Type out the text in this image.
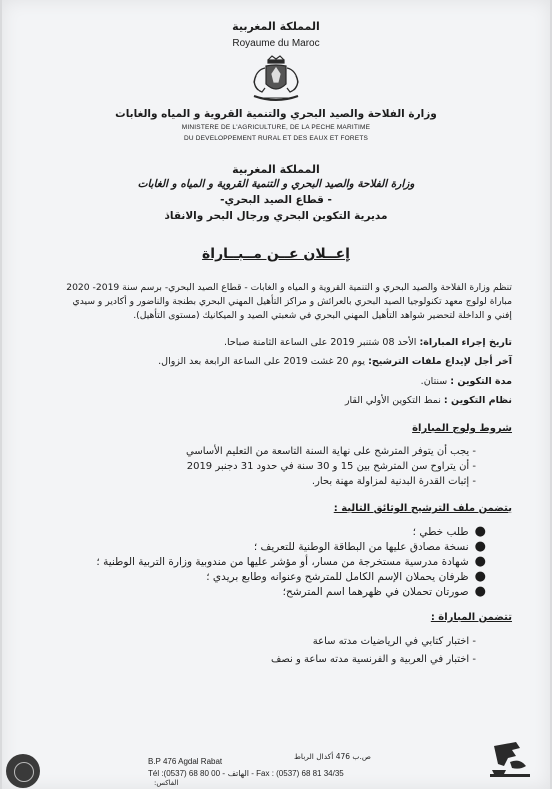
المملكة المغربية
Royaume du Maroc
وزارة الفلاحة والصيد البحري والتنمية القروية و المياه والغابات
MINISTERE DE L'AGRICULTURE, DE LA PECHE MARITIME
DU DEVELOPPEMENT RURAL ET DES EAUX ET FORETS
المملكة المغربية
وزارة الفلاحة والصيد البحري و التنمية القروية و المياه و الغابات
- قطاع الصيد البحري-
مديرية التكوين البحري ورجال البحر والانقاذ
إعــلان عــن مــبــاراة
تنظم وزارة الفلاحة والصيد البحري و التنمية القروية و المياه و الغابات - قطاع الصيد البحري- برسم سنة 2019- 2020
مباراة لولوج معهد تكنولوجيا الصيد البحري بالعرائش و مراكز التأهيل المهني البحري بطنجة والناضور و أكادير و سيدي
إفني و الداخلة لتحضير شواهد التأهيل المهني البحري في شعبتي الصيد و الميكانيك (مستوى التأهيل).
تاريخ إجراء المباراة: الأحد 08 شتنبر 2019 على الساعة الثامنة صباحا.
آخر أجل لإيداع ملفات الترشيح: يوم 20 غشت 2019 على الساعة الرابعة بعد الزوال.
مدة التكوين : سنتان.
نظام التكوين : نمط التكوين الأولي القار
شروط ولوج المباراة
- يجب أن يتوفر المترشح على نهاية السنة التاسعة من التعليم الأساسي
- أن يتراوح سن المترشح بين 15 و 30 سنة في حدود 31 دجنبر 2019
- إثبات القدرة البدنية لمزاولة مهنة بحار.
يتضمن ملف الترشيح الوثائق التالية :
●طلب خطي ؛
●نسخة مصادق عليها من البطاقة الوطنية للتعريف ؛
●شهادة مدرسية مستخرجة من مسار، أو مؤشر عليها من مندوبية وزارة التربية الوطنية ؛
●ظرفان يحملان الإسم الكامل للمترشح وعنوانه وطابع بريدي ؛
●صورتان تحملان في ظهرهما اسم المترشح؛
تتضمن المباراة :
- اختبار كتابي في الرياضيات مدته ساعة
- اختبار في العربية و الفرنسية مدته ساعة و نصف
B.P 476 Agdal Rabat
ص.ب 476 أكدال الرباط
Tél :(0537) 68 80 00 - الهاتف - Fax : (0537) 68 81 34/35
الفاكس:
